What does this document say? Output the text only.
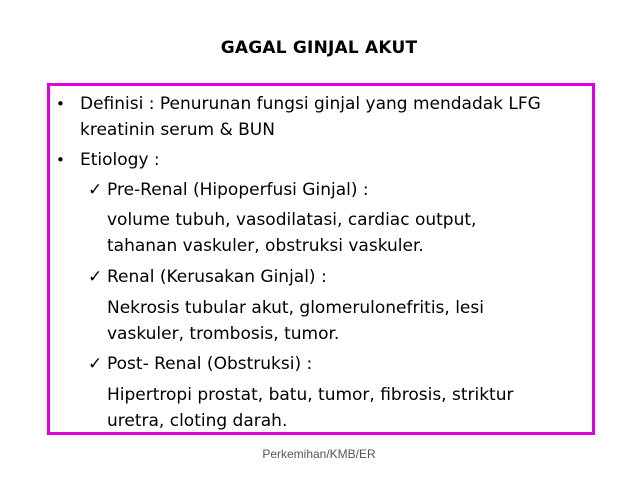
GAGAL GINJAL AKUT
• Definisi : Penurunan fungsi ginjal yang mendadak LFG
kreatinin serum & BUN
• Etiology :
✓ Pre-Renal (Hipoperfusi Ginjal) :
volume tubuh, vasodilatasi, cardiac output,
tahanan vaskuler, obstruksi vaskuler.
✓ Renal (Kerusakan Ginjal) :
Nekrosis tubular akut, glomerulonefritis, lesi
vaskuler, trombosis, tumor.
✓ Post- Renal (Obstruksi) :
Hipertropi prostat, batu, tumor, fibrosis, striktur
uretra, cloting darah.
Perkemihan/KMB/ER
